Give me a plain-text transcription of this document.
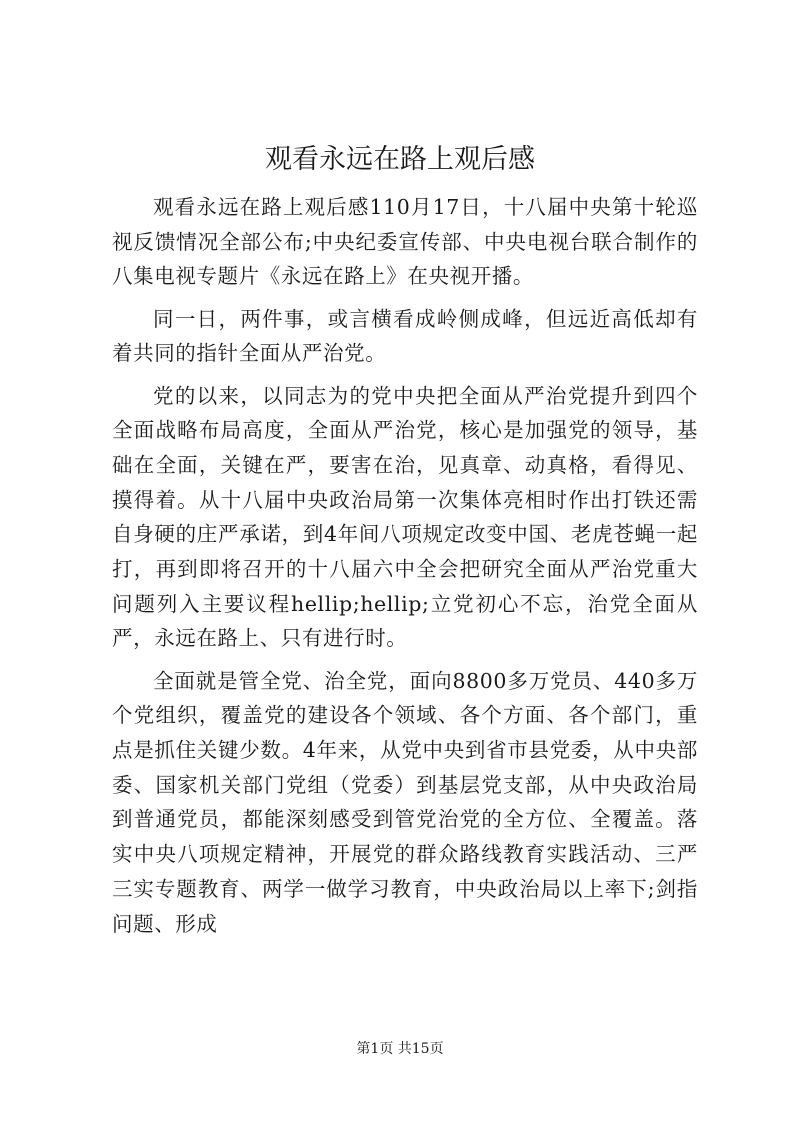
观看永远在路上观后感

观看永远在路上观后感110月17日，十八届中央第十轮巡视反馈情况全部公布;中央纪委宣传部、中央电视台联合制作的八集电视专题片《永远在路上》在央视开播。

同一日，两件事，或言横看成岭侧成峰，但远近高低却有着共同的指针全面从严治党。

党的以来，以同志为的党中央把全面从严治党提升到四个全面战略布局高度，全面从严治党，核心是加强党的领导，基础在全面，关键在严，要害在治，见真章、动真格，看得见、摸得着。从十八届中央政治局第一次集体亮相时作出打铁还需自身硬的庄严承诺，到4年间八项规定改变中国、老虎苍蝇一起打，再到即将召开的十八届六中全会把研究全面从严治党重大问题列入主要议程hellip;hellip;立党初心不忘，治党全面从严，永远在路上、只有进行时。

全面就是管全党、治全党，面向8800多万党员、440多万个党组织，覆盖党的建设各个领域、各个方面、各个部门，重点是抓住关键少数。4年来，从党中央到省市县党委，从中央部委、国家机关部门党组（党委）到基层党支部，从中央政治局到普通党员，都能深刻感受到管党治党的全方位、全覆盖。落实中央八项规定精神，开展党的群众路线教育实践活动、三严三实专题教育、两学一做学习教育，中央政治局以上率下;剑指问题、形成

第1页 共15页
